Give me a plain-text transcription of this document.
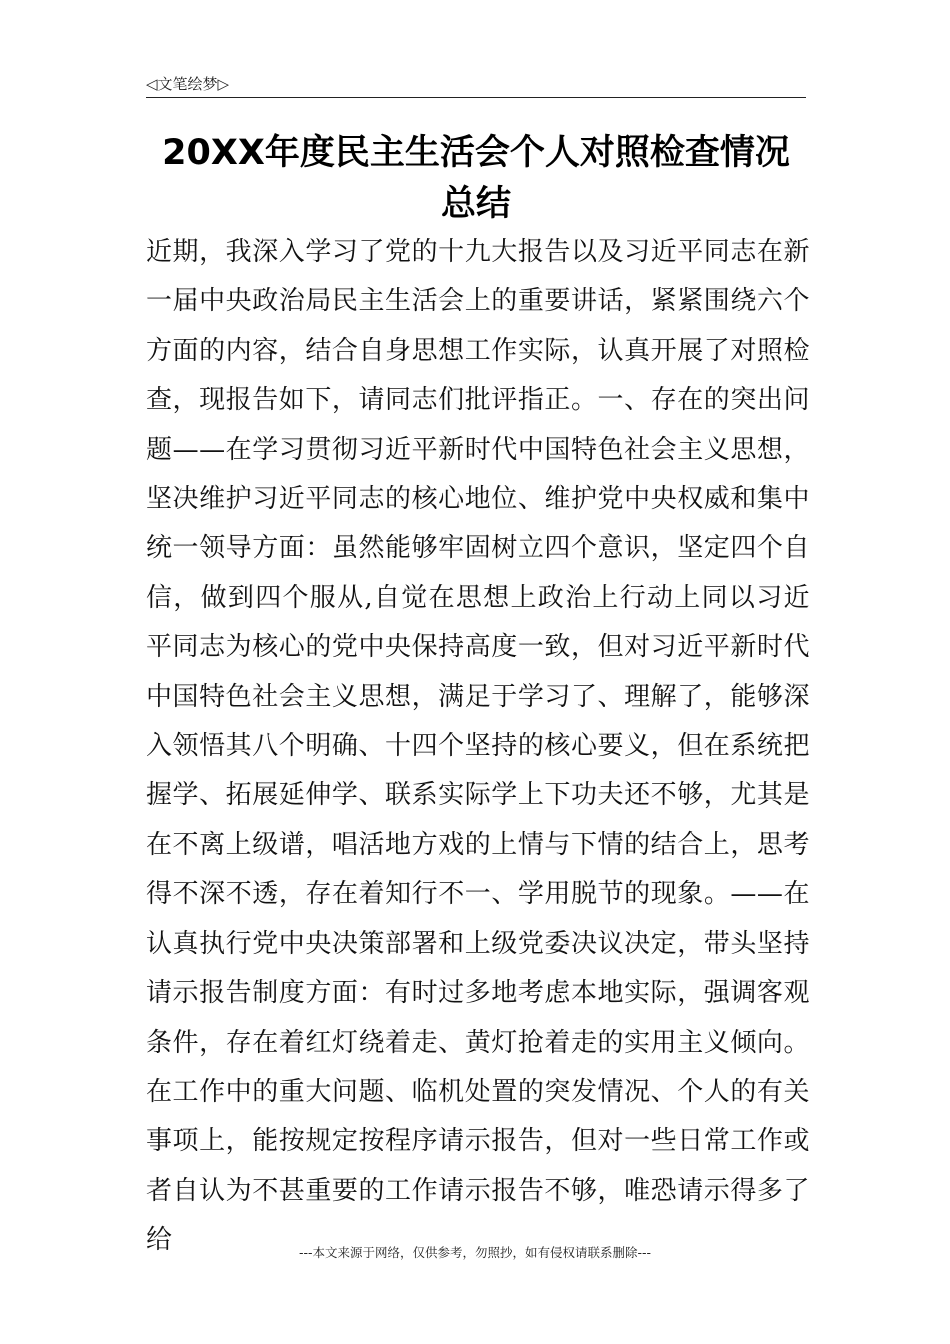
◁文笔绘梦▷
20XX年度民主生活会个人对照检查情况总结

近期，我深入学习了党的十九大报告以及习近平同志在新一届中央政治局民主生活会上的重要讲话，紧紧围绕六个方面的内容，结合自身思想工作实际，认真开展了对照检查，现报告如下，请同志们批评指正。一、存在的突出问题——在学习贯彻习近平新时代中国特色社会主义思想，坚决维护习近平同志的核心地位、维护党中央权威和集中统一领导方面：虽然能够牢固树立四个意识，坚定四个自信，做到四个服从,自觉在思想上政治上行动上同以习近平同志为核心的党中央保持高度一致，但对习近平新时代中国特色社会主义思想，满足于学习了、理解了，能够深入领悟其八个明确、十四个坚持的核心要义，但在系统把握学、拓展延伸学、联系实际学上下功夫还不够，尤其是在不离上级谱，唱活地方戏的上情与下情的结合上，思考得不深不透，存在着知行不一、学用脱节的现象。——在认真执行党中央决策部署和上级党委决议决定，带头坚持请示报告制度方面：有时过多地考虑本地实际，强调客观条件，存在着红灯绕着走、黄灯抢着走的实用主义倾向。在工作中的重大问题、临机处置的突发情况、个人的有关事项上，能按规定按程序请示报告，但对一些日常工作或者自认为不甚重要的工作请示报告不够，唯恐请示得多了给	---本文来源于网络，仅供参考，勿照抄，如有侵权请联系删除---
